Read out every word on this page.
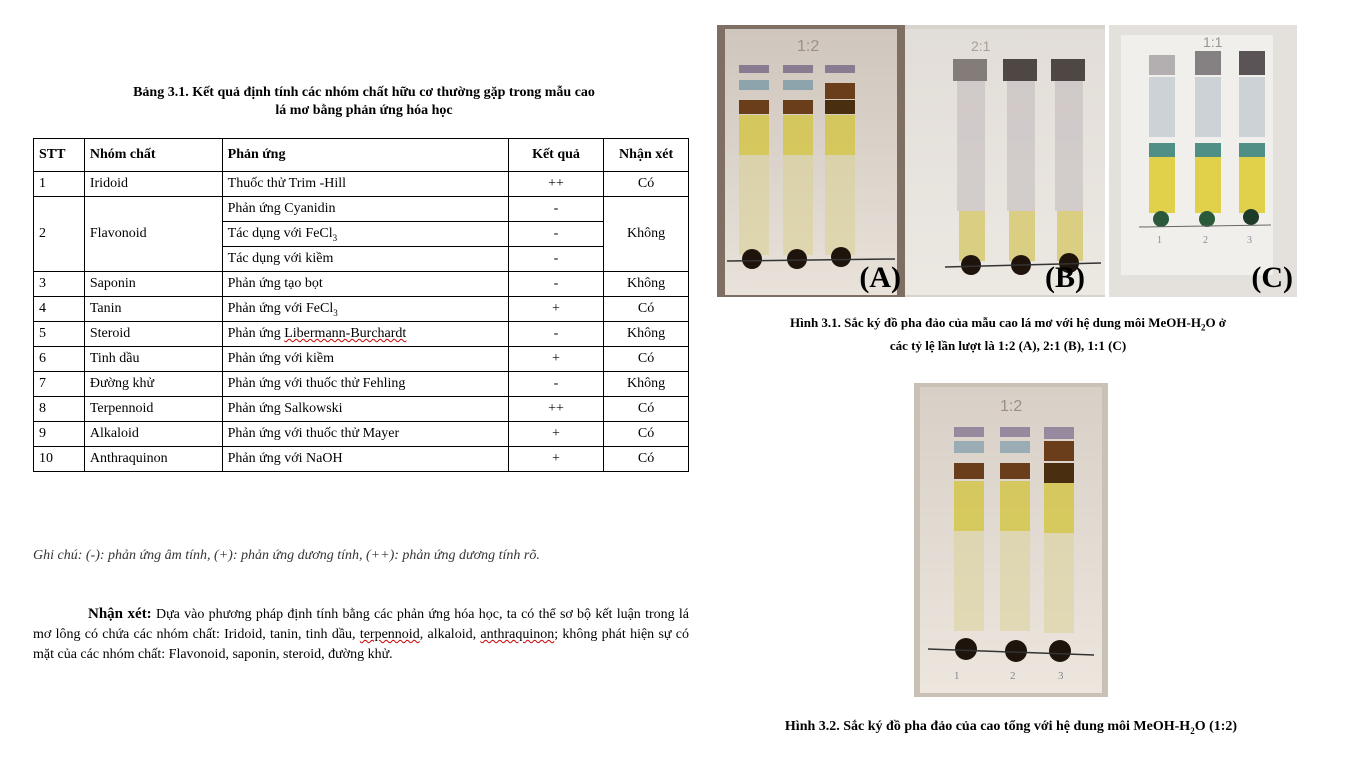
Bảng 3.1. Kết quả định tính các nhóm chất hữu cơ thường gặp trong mẫu cao
lá mơ bằng phản ứng hóa học
STT	Nhóm chất	Phản ứng	Kết quả	Nhận xét
1	Iridoid	Thuốc thử Trim -Hill	++	Có
2	Flavonoid	Phản ứng Cyanidin	-	Không
		Tác dụng với FeCl$_3$	-	
		Tác dụng với kiềm	-	
3	Saponin	Phản ứng tạo bọt	-	Không
4	Tanin	Phản ứng với FeCl$_3$	+	Có
5	Steroid	Phản ứng Libermann-Burchardt	-	Không
6	Tinh dầu	Phản ứng với kiềm	+	Có
7	Đường khử	Phản ứng với thuốc thử Fehling	-	Không
8	Terpennoid	Phản ứng Salkowski	++	Có
9	Alkaloid	Phản ứng với thuốc thử Mayer	+	Có
10	Anthraquinon	Phản ứng với NaOH	+	Có
Ghi chú: (-): phản ứng âm tính, (+): phản ứng dương tính, (++): phản ứng dương tính rõ.
Nhận xét: Dựa vào phương pháp định tính bằng các phản ứng hóa học, ta có thể sơ bộ kết luận trong lá mơ lông có chứa các nhóm chất: Iridoid, tanin, tinh dầu, terpennoid, alkaloid, anthraquinon; không phát hiện sự có mặt của các nhóm chất: Flavonoid, saponin, steroid, đường khử.
1:2
(A)
2:1
(B)
1:1
1	2	3
(C)
Hình 3.1. Sắc ký đồ pha đảo của mẫu cao lá mơ với hệ dung môi MeOH-$H_2O$ ở
các tỷ lệ lần lượt là 1:2 (A), 2:1 (B), 1:1 (C)
1:2
1	2	3
Hình 3.2. Sắc ký đồ pha đảo của cao tổng với hệ dung môi MeOH-$H_2O$ (1:2)
